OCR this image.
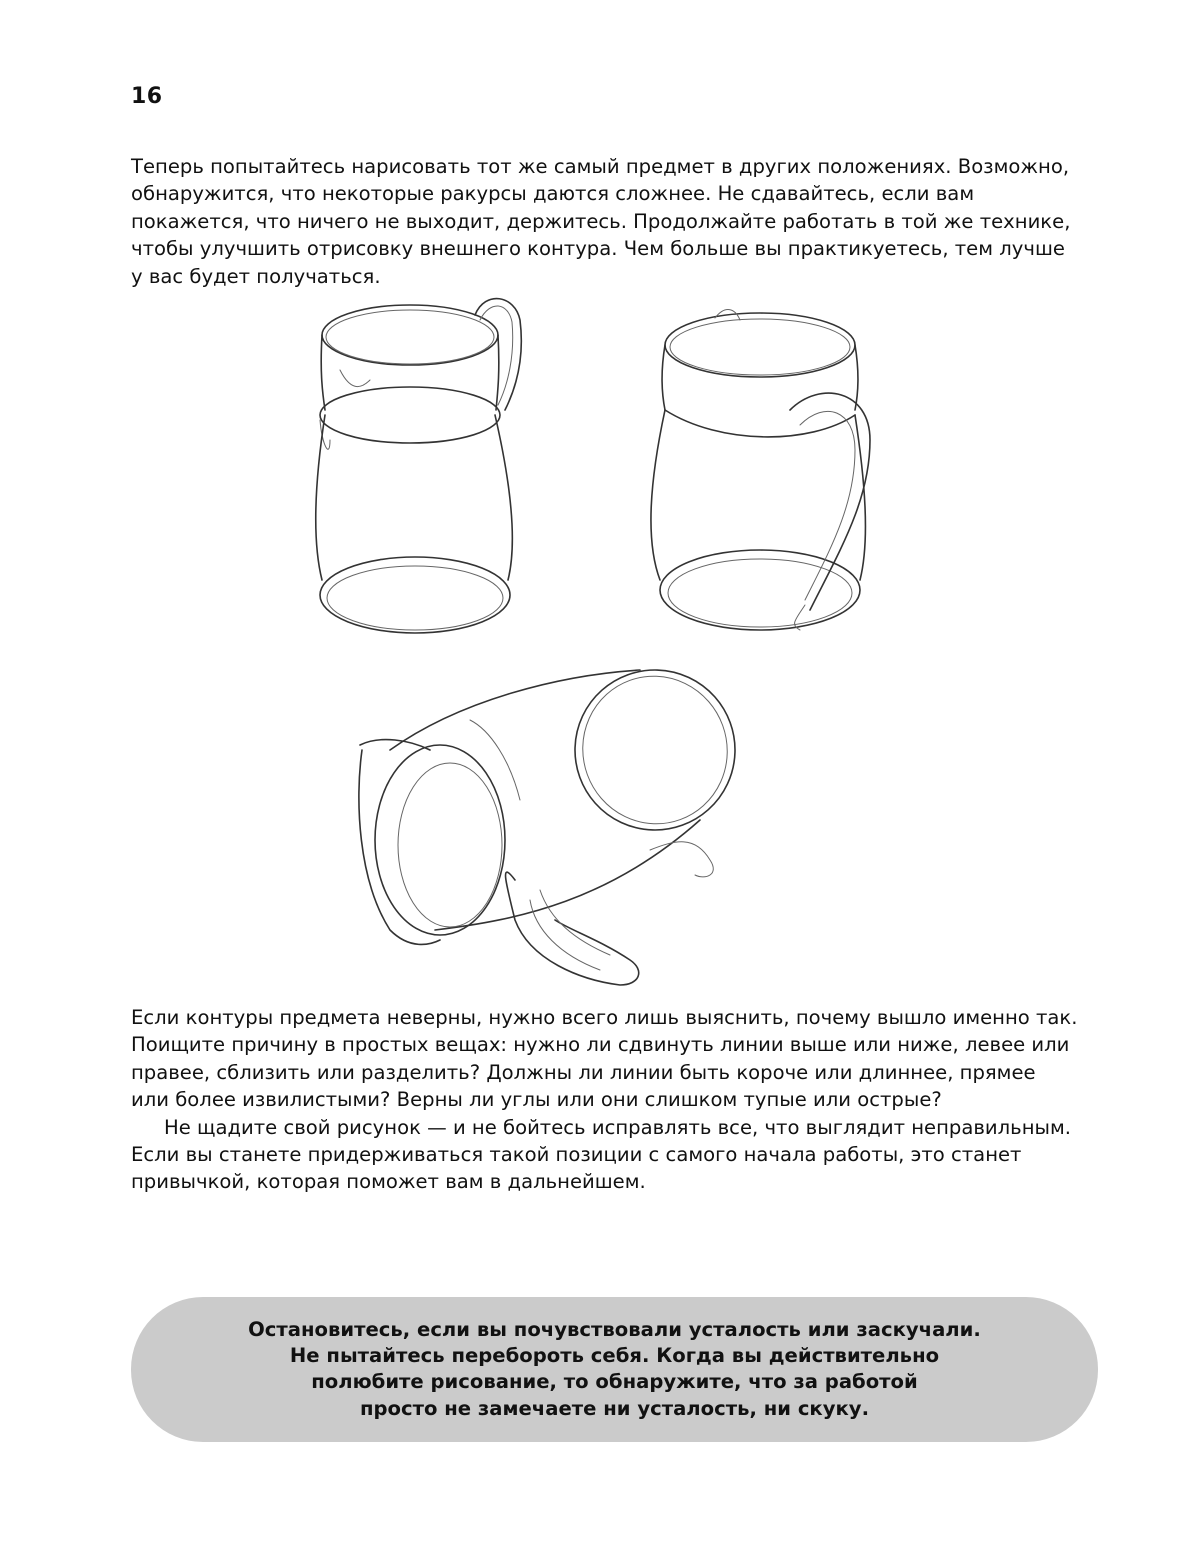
16
Теперь попытайтесь нарисовать тот же самый предмет в других положениях. Возможно,
обнаружится, что некоторые ракурсы даются сложнее. Не сдавайтесь, если вам
покажется, что ничего не выходит, держитесь. Продолжайте работать в той же технике,
чтобы улучшить отрисовку внешнего контура. Чем больше вы практикуетесь, тем лучше
у вас будет получаться.
Если контуры предмета неверны, нужно всего лишь выяснить, почему вышло именно так.
Поищите причину в простых вещах: нужно ли сдвинуть линии выше или ниже, левее или
правее, сблизить или разделить? Должны ли линии быть короче или длиннее, прямее
или более извилистыми? Верны ли углы или они слишком тупые или острые?
Не щадите свой рисунок — и не бойтесь исправлять все, что выглядит неправильным.
Если вы станете придерживаться такой позиции с самого начала работы, это станет
привычкой, которая поможет вам в дальнейшем.
Остановитесь, если вы почувствовали усталость или заскучали.
Не пытайтесь перебороть себя. Когда вы действительно
полюбите рисование, то обнаружите, что за работой
просто не замечаете ни усталость, ни скуку.
